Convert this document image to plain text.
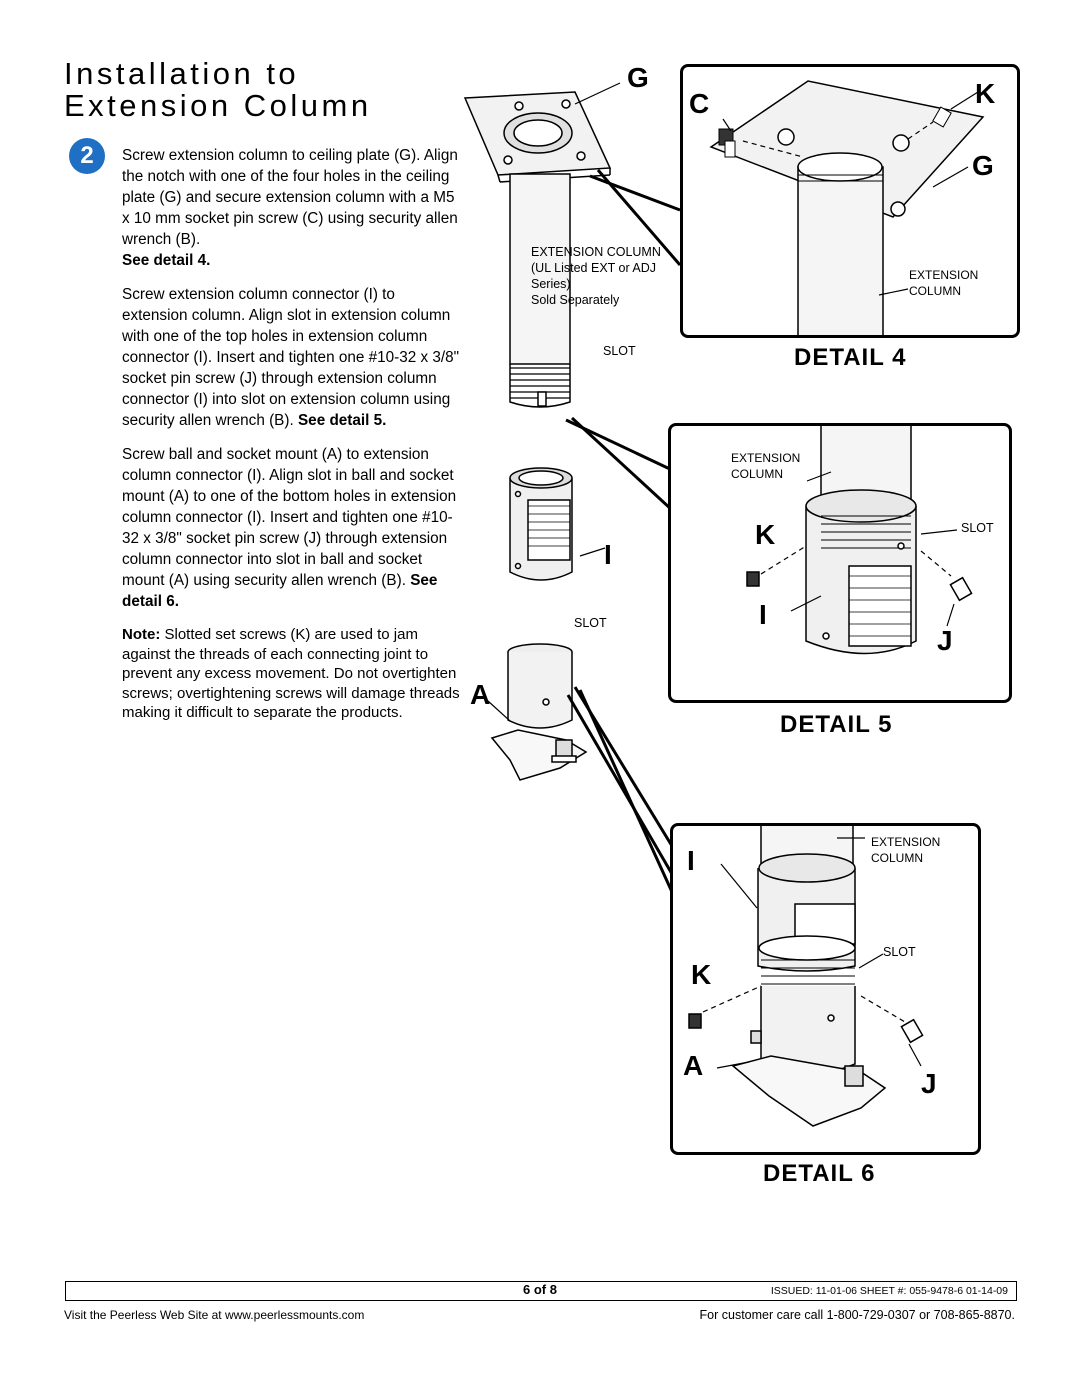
Installation to
Extension Column
2	Screw extension column to ceiling plate (G). Align the notch with one of the four holes in the ceiling plate (G) and secure extension column with a M5 x 10 mm socket pin screw (C) using security allen wrench (B).
See detail 4.

Screw extension column connector (I) to extension column. Align slot in extension column with one of the top holes in extension column connector (I). Insert and tighten one #10-32 x 3/8" socket pin screw (J) through extension column connector (I) into slot on extension column using security allen wrench (B). See detail 5.

Screw ball and socket mount (A) to extension column connector (I). Align slot in ball and socket mount (A) to one of the bottom holes in extension column connector (I). Insert and tighten one #10-32 x 3/8" socket pin screw (J) through extension column connector into slot in ball and socket mount (A) using security allen wrench (B). See detail 6.

Note: Slotted set screws (K) are used to jam against the threads of each connecting joint to prevent any excess movement. Do not overtighten screws; overtightening screws will damage threads making it difficult to separate the products.

G
I
A
EXTENSION COLUMN
(UL Listed EXT or ADJ
Series)
Sold Separately
SLOT
SLOT
C	K
G
EXTENSION
COLUMN
DETAIL 4
EXTENSION
COLUMN
K	SLOT
I
J
DETAIL 5
I
EXTENSION
COLUMN
SLOT
K
A
J
DETAIL 6
6 of 8	ISSUED: 11-01-06 SHEET #: 055-9478-6 01-14-09
Visit the Peerless Web Site at www.peerlessmounts.com	For customer care call 1-800-729-0307 or 708-865-8870.
